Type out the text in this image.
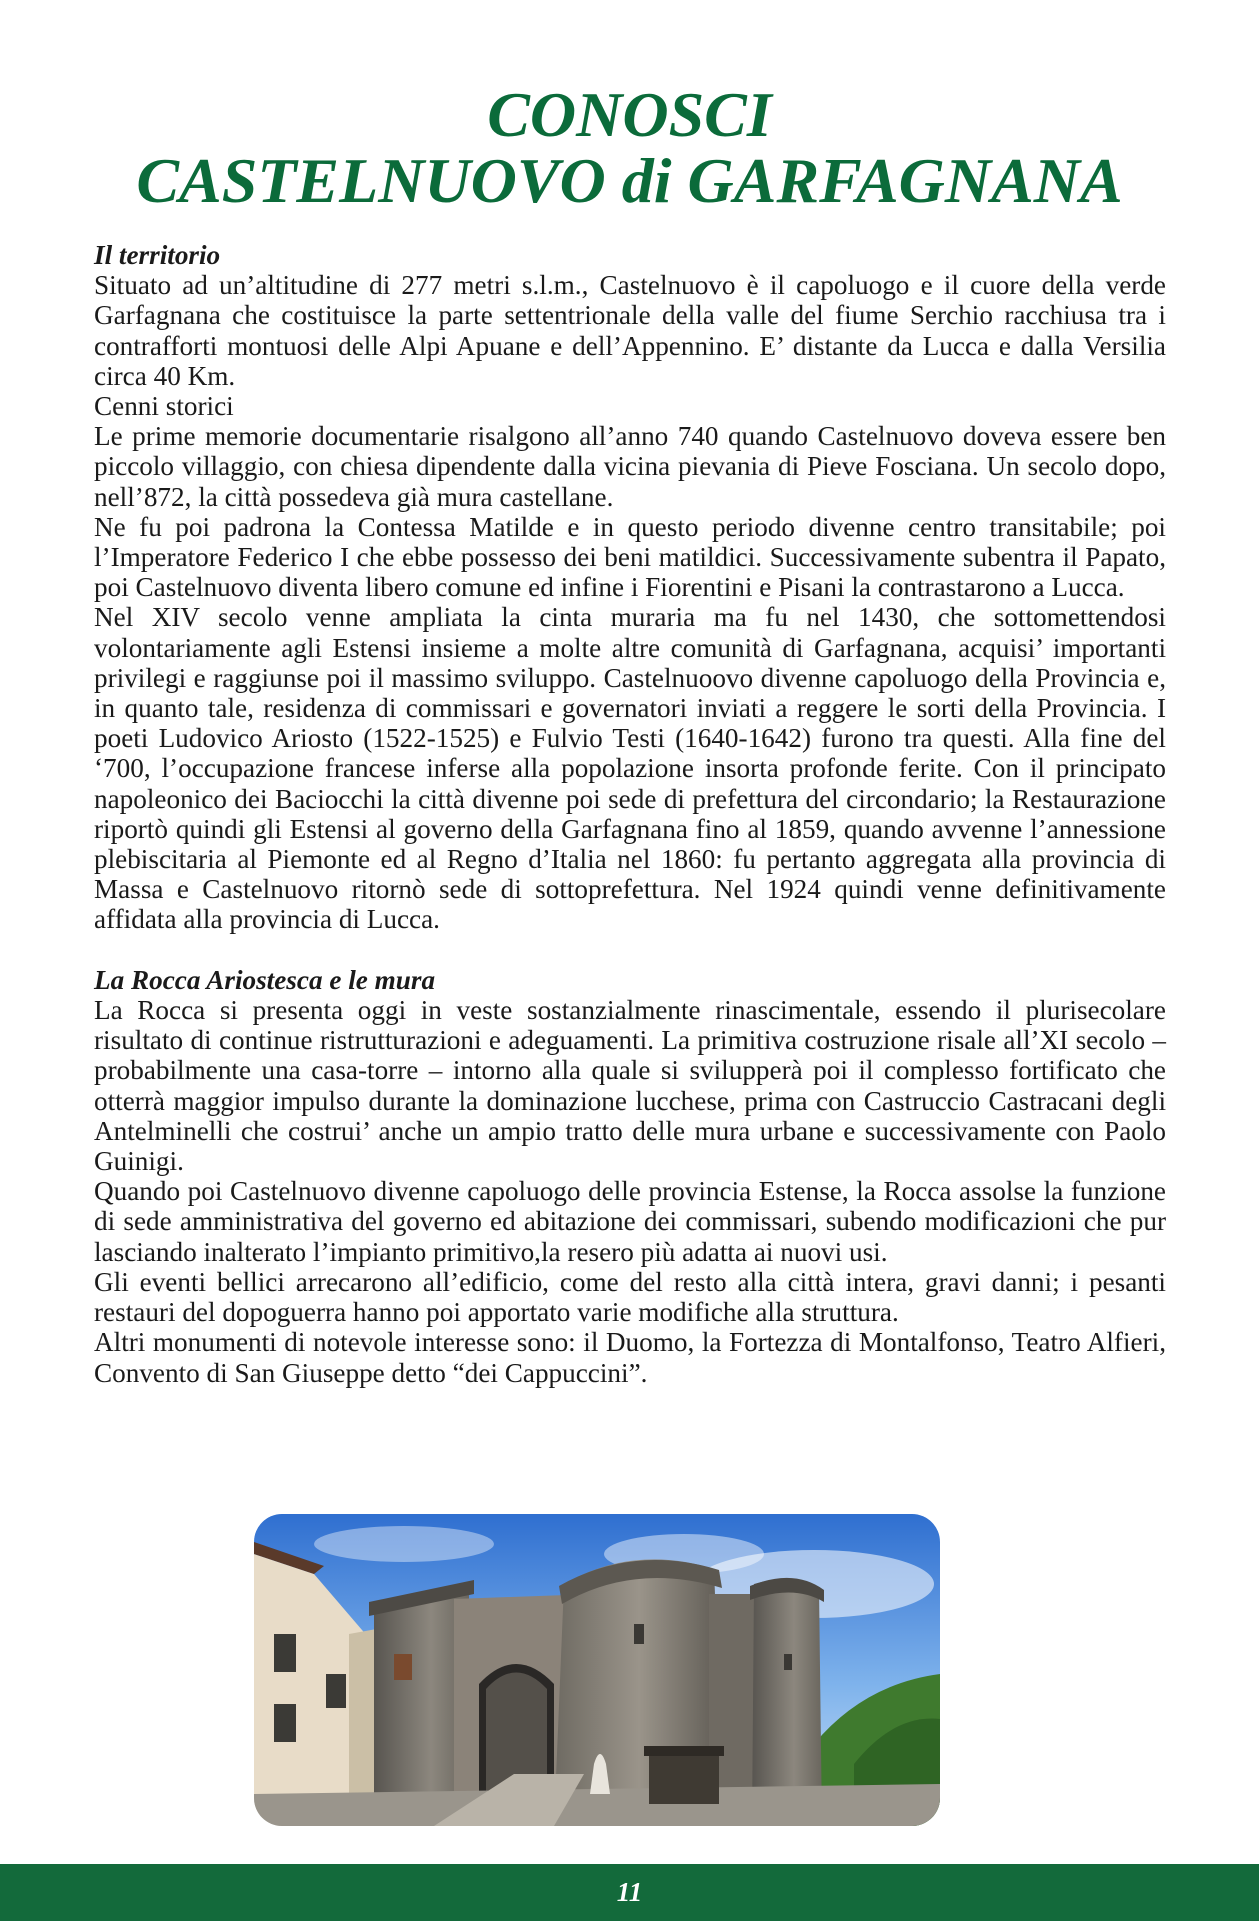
CONOSCI
CASTELNUOVO di GARFAGNANA
Il territorio

Situato ad un’altitudine di 277 metri s.l.m., Castelnuovo è il capoluogo e il cuore della verde Garfagnana che costituisce la parte settentrionale della valle del fiume Serchio racchiusa tra i contrafforti montuosi delle Alpi Apuane e dell’Appennino. E’ distante da Lucca e dalla Versilia circa 40 Km.

Cenni storici

Le prime memorie documentarie risalgono all’anno 740 quando Castelnuovo doveva essere ben piccolo villaggio, con chiesa dipendente dalla vicina pievania di Pieve Fosciana. Un secolo dopo, nell’872, la città possedeva già mura castellane.

Ne fu poi padrona la Contessa Matilde e in questo periodo divenne centro transitabile; poi l’Imperatore Federico I che ebbe possesso dei beni matildici. Successivamente subentra il Papato, poi Castelnuovo diventa libero comune ed infine i Fiorentini e Pisani la contrastarono a Lucca.

Nel XIV secolo venne ampliata la cinta muraria ma fu nel 1430, che sottomettendosi volontariamente agli Estensi insieme a molte altre comunità di Garfagnana, acquisi’ importanti privilegi e raggiunse poi il massimo sviluppo. Castelnuoovo divenne capoluogo della Provincia e, in quanto tale, residenza di commissari e governatori inviati a reggere le sorti della Provincia. I poeti Ludovico Ariosto (1522-1525) e Fulvio Testi (1640-1642) furono tra questi. Alla fine del ‘700, l’occupazione francese inferse alla popolazione insorta profonde ferite. Con il principato napoleonico dei Baciocchi la città divenne poi sede di prefettura del circondario; la Restaurazione riportò quindi gli Estensi al governo della Garfagnana fino al 1859, quando avvenne l’annessione plebiscitaria al Piemonte ed al Regno d’Italia nel 1860: fu pertanto aggregata alla provincia di Massa e Castelnuovo ritornò sede di sottoprefettura. Nel 1924 quindi venne definitivamente affidata alla provincia di Lucca.

La Rocca Ariostesca e le mura

La Rocca si presenta oggi in veste sostanzialmente rinascimentale, essendo il plurisecolare risultato di continue ristrutturazioni e adeguamenti. La primitiva costruzione risale all’XI secolo – probabilmente una casa-torre – intorno alla quale si svilupperà poi il complesso fortificato che otterrà maggior impulso durante la dominazione lucchese, prima con Castruccio Castracani degli Antelminelli che costrui’ anche un ampio tratto delle mura urbane e successivamente con Paolo Guinigi.

Quando poi Castelnuovo divenne capoluogo delle provincia Estense, la Rocca assolse la funzione di sede amministrativa del governo ed abitazione dei commissari, subendo modificazioni che pur lasciando inalterato l’impianto primitivo,la resero più adatta ai nuovi usi.

Gli eventi bellici arrecarono all’edificio, come del resto alla città intera, gravi danni; i pesanti restauri del dopoguerra hanno poi apportato varie modifiche alla struttura.

Altri monumenti di notevole interesse sono: il Duomo, la Fortezza di Montalfonso, Teatro Alfieri, Convento di San Giuseppe detto “dei Cappuccini”.

11
